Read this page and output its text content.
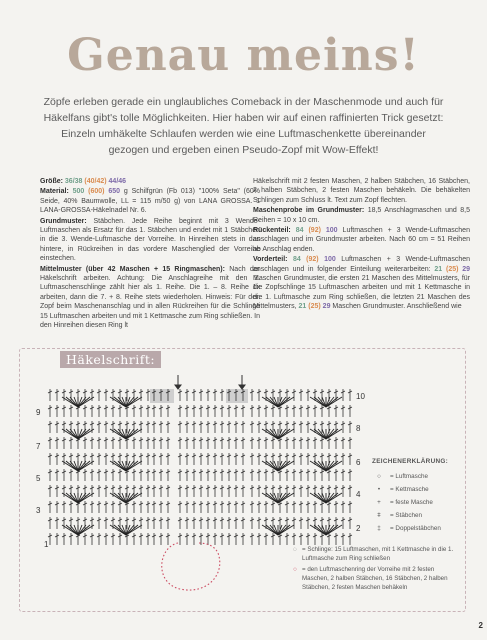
Genau meins!
Zöpfe erleben gerade ein unglaubliches Comeback in der Maschenmode und auch für Häkelfans gibt's tolle Möglichkeiten. Hier haben wir auf einen raffinierten Trick gesetzt: Einzeln umhäkelte Schlaufen werden wie eine Luftmaschenkette übereinander gezogen und ergeben einen Pseudo-Zopf mit Wow-Effekt!

Größe: 36/38 (40/42) 44/46

Material: 500 (600) 650 g Schilfgrün (Fb 013) "100% Seta" (60% Seide, 40% Baumwolle, LL = 115 m/50 g) von LANA GROSSA. 1 LANA-GROSSA-Häkelnadel Nr. 6.

Grundmuster: Stäbchen. Jede Reihe beginnt mit 3 Wende-Luftmaschen als Ersatz für das 1. Stäbchen und endet mit 1 Stäbchen in die 3. Wende-Luftmasche der Vorreihe. In Hinreihen stets in das hintere, in Rückreihen in das vordere Maschenglied der Vorreihe einstechen.

Mittelmuster (über 42 Maschen + 15 Ringmaschen): Nach der Häkelschrift arbeiten. Achtung: Die Anschlagreihe mit den 1. Luftmaschenschlinge zählt hier als 1. Reihe. Die 1. – 8. Reihe 1x arbeiten, dann die 7. + 8. Reihe stets wiederholen. Hinweis: Für den Zopf beim Maschenanschlag und in allen Rückreihen für die Schlinge 15 Luftmaschen arbeiten und mit 1 Kettmasche zum Ring schließen. In den Hinreihen diesen Ring lt

Häkelschrift mit 2 festen Maschen, 2 halben Stäbchen, 16 Stäbchen, 2 halben Stäbchen, 2 festen Maschen behäkeln. Die behäkelten Schlingen zum Schluss lt. Text zum Zopf flechten.

Maschenprobe im Grundmuster: 18,5 Anschlagmaschen und 8,5 Reihen = 10 x 10 cm.

Rückenteil: 84 (92) 100 Luftmaschen + 3 Wende-Luftmaschen anschlagen und im Grundmuster arbeiten. Nach 60 cm = 51 Reihen ab Anschlag enden.

Vorderteil: 84 (92) 100 Luftmaschen + 3 Wende-Luftmaschen anschlagen und in folgender Einteilung weiterarbeiten: 21 (25) 29 Maschen Grundmuster, die ersten 21 Maschen des Mittelmusters, für die Zopfschlinge 15 Luftmaschen arbeiten und mit 1 Kettmasche in die 1. Luftmasche zum Ring schließen, die letzten 21 Maschen des Mittelmusters, 21 (25) 29 Maschen Grundmuster. Anschließend wie

Häkelschrift:
9
7
5
3
1
10
8
6
4
2
ZEICHENERKLÄRUNG:
○	= Luftmasche
•	= Kettmasche
+	= feste Masche
ǂ	= Stäbchen
‡	= Doppelstäbchen
◌ = Schlinge: 15 Luftmaschen, mit 1 Kettmasche in die 1. Luftmasche zum Ring schließen
○ = den Luftmaschenring der Vorreihe mit 2 festen Maschen, 2 halben Stäbchen, 16 Stäbchen, 2 halben Stäbchen, 2 festen Maschen behäkeln
2
